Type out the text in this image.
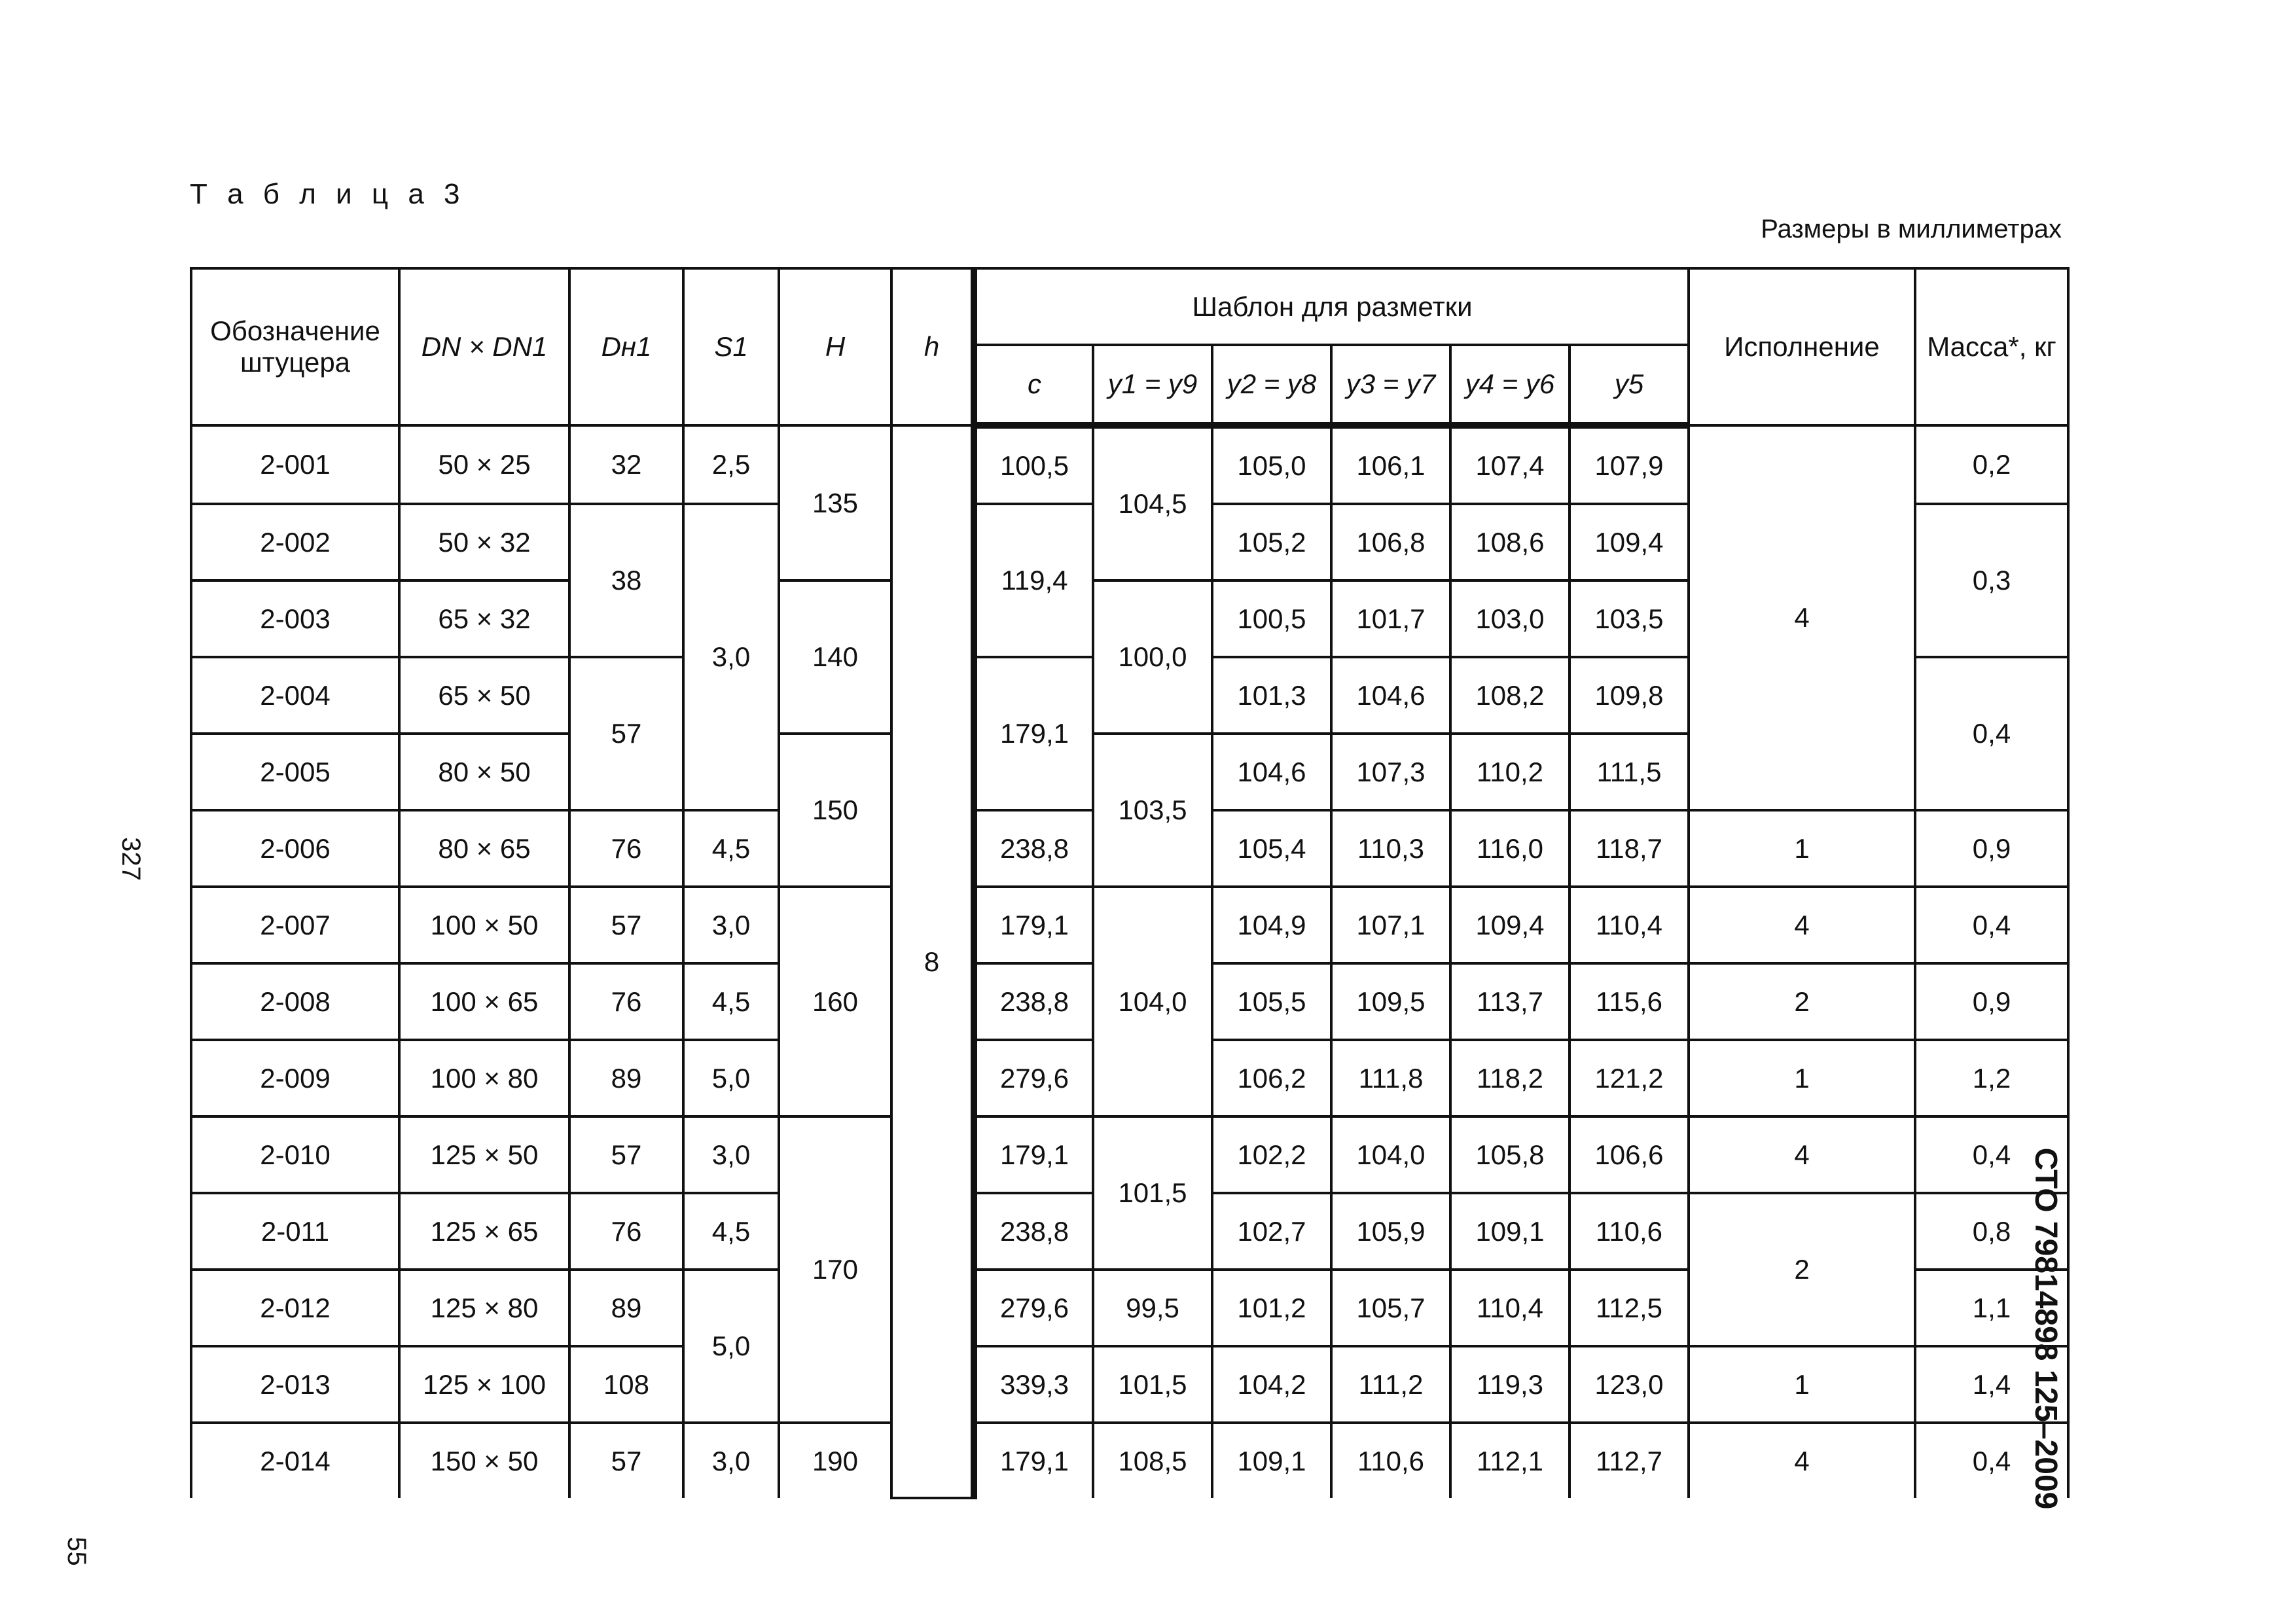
Т а б л и ц а 3
Размеры в миллиметрах
327
55
СТО 79814898 125–2009
Обозначение штуцера	DN × DN1	Dн1	S1	H	h	Шаблон для разметки						Исполнение	Масса*, кг
						c	y1 = y9	y2 = y8	y3 = y7	y4 = y6	y5		
2-001	50 × 25	32	2,5	135	8	100,5	104,5	105,0	106,1	107,4	107,9	4	0,2
2-002	50 × 32	38	3,0			119,4		105,2	106,8	108,6	109,4		0,3
2-003	65 × 32			140			100,0	100,5	101,7	103,0	103,5		
2-004	65 × 50	57				179,1		101,3	104,6	108,2	109,8		0,4
2-005	80 × 50			150			103,5	104,6	107,3	110,2	111,5		
2-006	80 × 65	76	4,5			238,8		105,4	110,3	116,0	118,7	1	0,9
2-007	100 × 50	57	3,0	160		179,1	104,0	104,9	107,1	109,4	110,4	4	0,4
2-008	100 × 65	76	4,5			238,8		105,5	109,5	113,7	115,6	2	0,9
2-009	100 × 80	89	5,0			279,6		106,2	111,8	118,2	121,2	1	1,2
2-010	125 × 50	57	3,0	170		179,1	101,5	102,2	104,0	105,8	106,6	4	0,4
2-011	125 × 65	76	4,5			238,8		102,7	105,9	109,1	110,6	2	0,8
2-012	125 × 80	89	5,0			279,6	99,5	101,2	105,7	110,4	112,5		1,1
2-013	125 × 100	108				339,3	101,5	104,2	111,2	119,3	123,0	1	1,4
2-014	150 × 50	57	3,0	190		179,1	108,5	109,1	110,6	112,1	112,7	4	0,4
